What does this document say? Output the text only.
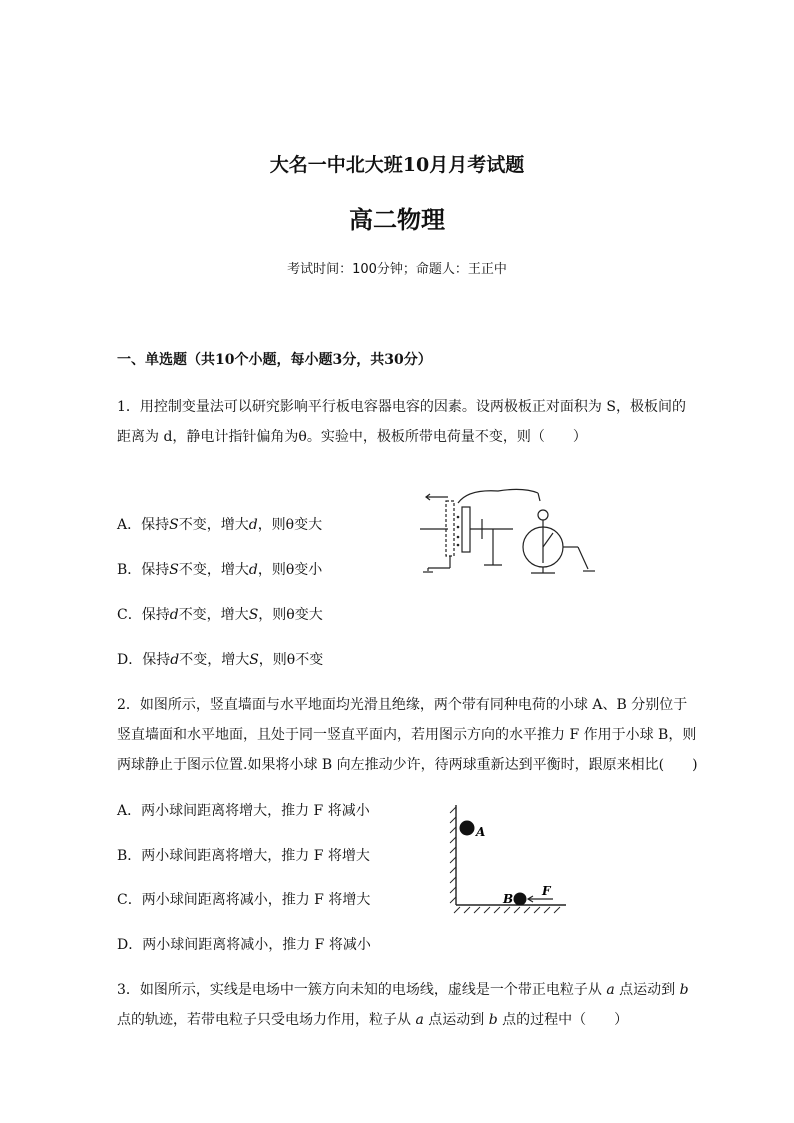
大名一中北大班10月月考试题
高二物理
考试时间：100分钟；命题人：王正中
一、单选题（共10个小题，每小题3分，共30分）
1．用控制变量法可以研究影响平行板电容器电容的因素。设两极板正对面积为 S，极板间的
距离为 d，静电计指针偏角为θ。实验中，极板所带电荷量不变，则（　　）
A．保持S不变，增大d，则θ变大
B．保持S不变，增大d，则θ变小
C．保持d不变，增大S，则θ变大
D．保持d不变，增大S，则θ不变
2．如图所示，竖直墙面与水平地面均光滑且绝缘，两个带有同种电荷的小球 A、B 分别位于
竖直墙面和水平地面，且处于同一竖直平面内，若用图示方向的水平推力 F 作用于小球 B，则
两球静止于图示位置.如果将小球 B 向左推动少许，待两球重新达到平衡时，跟原来相比(　　)
A．两小球间距离将增大，推力 F 将减小
B．两小球间距离将增大，推力 F 将增大
C．两小球间距离将减小，推力 F 将增大
D．两小球间距离将减小，推力 F 将减小
A
B
F
3．如图所示，实线是电场中一簇方向未知的电场线，虚线是一个带正电粒子从 a 点运动到 b
点的轨迹，若带电粒子只受电场力作用，粒子从 a 点运动到 b 点的过程中（　　）
